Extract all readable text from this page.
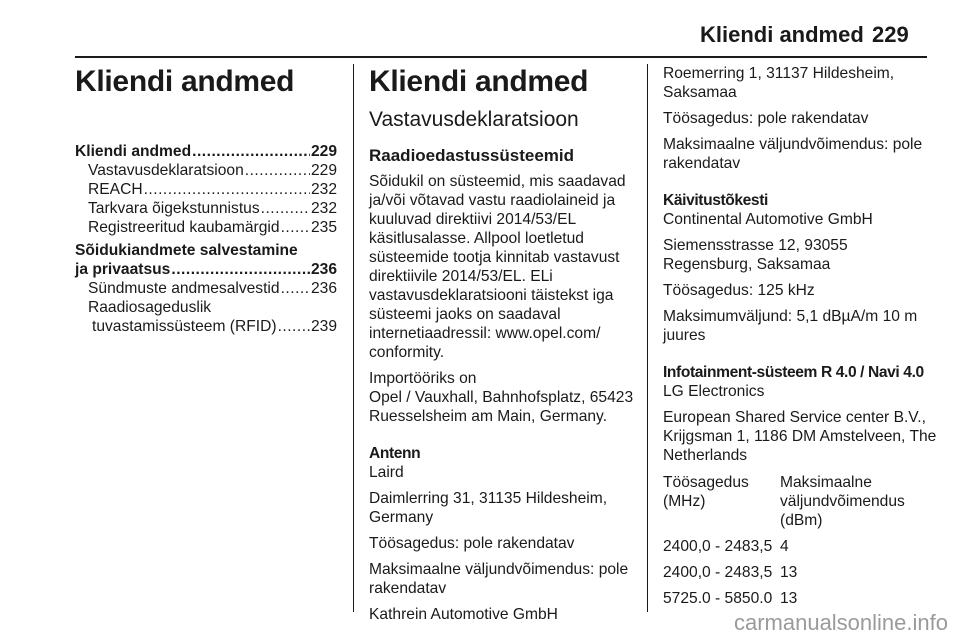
Kliendi andmed 229
Kliendi andmed
Kliendi andmed .....	229
Vastavusdeklaratsioon .....	229
REACH .....	232
Tarkvara õigekstunnistus .....	232
Registreeritud kaubamärgid ..... 235
Sõidukiandmete salvestamine
ja privaatsus .....	236
Sündmuste andmesalvestid ..... 236
Raadiosageduslik
tuvastamissüsteem (RFID) ..... 239
Kliendi andmed
Vastavusdeklaratsioon
Raadioedastussüsteemid

Sõidukil on süsteemid, mis saadavad ja/või võtavad vastu raadiolaineid ja kuuluvad direktiivi 2014/53/EL käsitlusalasse. Allpool loetletud süsteemide tootja kinnitab vastavust direktiivile 2014/53/EL. ELi vastavusdeklaratsiooni täistekst iga süsteemi jaoks on saadaval internetiaadressil: www.opel.com/ conformity.

Importööriks on

Opel / Vauxhall, Bahnhofsplatz, 65423 Ruesselsheim am Main, Germany.

Antenn

Laird

Daimlerring 31, 31135 Hildesheim, Germany

Töösagedus: pole rakendatav

Maksimaalne väljundvõimendus: pole rakendatav

Kathrein Automotive GmbH

Roemerring 1, 31137 Hildesheim, Saksamaa

Töösagedus: pole rakendatav

Maksimaalne väljundvõimendus: pole rakendatav

Käivitustõkesti

Continental Automotive GmbH

Siemensstrasse 12, 93055 Regensburg, Saksamaa

Töösagedus: 125 kHz

Maksimumväljund: 5,1 dBµA/m 10 m juures

Infotainment-süsteem R 4.0 / Navi 4.0

LG Electronics

European Shared Service center B.V., Krijgsman 1, 1186 DM Amstelveen, The Netherlands

Töösagedus (MHz)	Maksimaalne väljundvõimendus (dBm)
2400,0 - 2483,5	4
2400,0 - 2483,5	13
5725.0 - 5850.0	13
carmanualsonline.info
